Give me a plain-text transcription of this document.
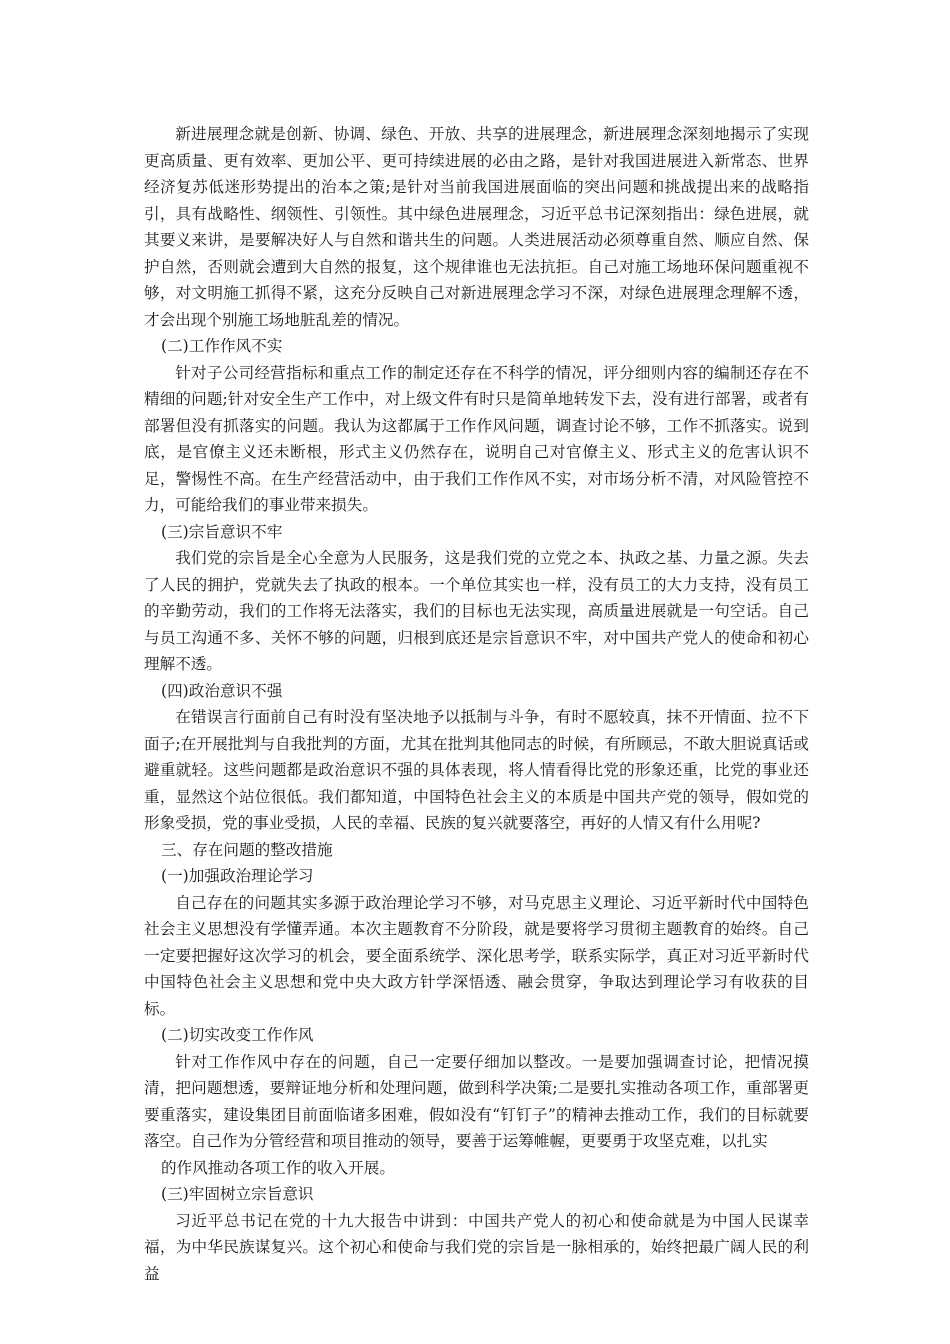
新进展理念就是创新、协调、绿色、开放、共享的进展理念，新进展理念深刻地揭示了实现更高质量、更有效率、更加公平、更可持续进展的必由之路，是针对我国进展进入新常态、世界经济复苏低迷形势提出的治本之策;是针对当前我国进展面临的突出问题和挑战提出来的战略指引，具有战略性、纲领性、引领性。其中绿色进展理念，习近平总书记深刻指出：绿色进展，就其要义来讲，是要解决好人与自然和谐共生的问题。人类进展活动必须尊重自然、顺应自然、保护自然，否则就会遭到大自然的报复，这个规律谁也无法抗拒。自己对施工场地环保问题重视不够，对文明施工抓得不紧，这充分反映自己对新进展理念学习不深，对绿色进展理念理解不透，才会出现个别施工场地脏乱差的情况。

(二)工作作风不实

针对子公司经营指标和重点工作的制定还存在不科学的情况，评分细则内容的编制还存在不精细的问题;针对安全生产工作中，对上级文件有时只是简单地转发下去，没有进行部署，或者有部署但没有抓落实的问题。我认为这都属于工作作风问题，调查讨论不够，工作不抓落实。说到底，是官僚主义还未断根，形式主义仍然存在，说明自己对官僚主义、形式主义的危害认识不足，警惕性不高。在生产经营活动中，由于我们工作作风不实，对市场分析不清，对风险管控不力，可能给我们的事业带来损失。

(三)宗旨意识不牢

我们党的宗旨是全心全意为人民服务，这是我们党的立党之本、执政之基、力量之源。失去了人民的拥护，党就失去了执政的根本。一个单位其实也一样，没有员工的大力支持，没有员工的辛勤劳动，我们的工作将无法落实，我们的目标也无法实现，高质量进展就是一句空话。自己与员工沟通不多、关怀不够的问题，归根到底还是宗旨意识不牢，对中国共产党人的使命和初心理解不透。

(四)政治意识不强

在错误言行面前自己有时没有坚决地予以抵制与斗争，有时不愿较真，抹不开情面、拉不下面子;在开展批判与自我批判的方面，尤其在批判其他同志的时候，有所顾忌，不敢大胆说真话或避重就轻。这些问题都是政治意识不强的具体表现，将人情看得比党的形象还重，比党的事业还重，显然这个站位很低。我们都知道，中国特色社会主义的本质是中国共产党的领导，假如党的形象受损，党的事业受损，人民的幸福、民族的复兴就要落空，再好的人情又有什么用呢?

三、存在问题的整改措施

(一)加强政治理论学习

自己存在的问题其实多源于政治理论学习不够，对马克思主义理论、习近平新时代中国特色社会主义思想没有学懂弄通。本次主题教育不分阶段，就是要将学习贯彻主题教育的始终。自己一定要把握好这次学习的机会，要全面系统学、深化思考学，联系实际学，真正对习近平新时代中国特色社会主义思想和党中央大政方针学深悟透、融会贯穿，争取达到理论学习有收获的目标。

(二)切实改变工作作风

针对工作作风中存在的问题，自己一定要仔细加以整改。一是要加强调查讨论，把情况摸清，把问题想透，要辩证地分析和处理问题，做到科学决策;二是要扎实推动各项工作，重部署更要重落实，建设集团目前面临诸多困难，假如没有“钉钉子”的精神去推动工作，我们的目标就要落空。自己作为分管经营和项目推动的领导，要善于运筹帷幄，更要勇于攻坚克难，以扎实

的作风推动各项工作的收入开展。

(三)牢固树立宗旨意识

习近平总书记在党的十九大报告中讲到：中国共产党人的初心和使命就是为中国人民谋幸福，为中华民族谋复兴。这个初心和使命与我们党的宗旨是一脉相承的，始终把最广阔人民的利益
